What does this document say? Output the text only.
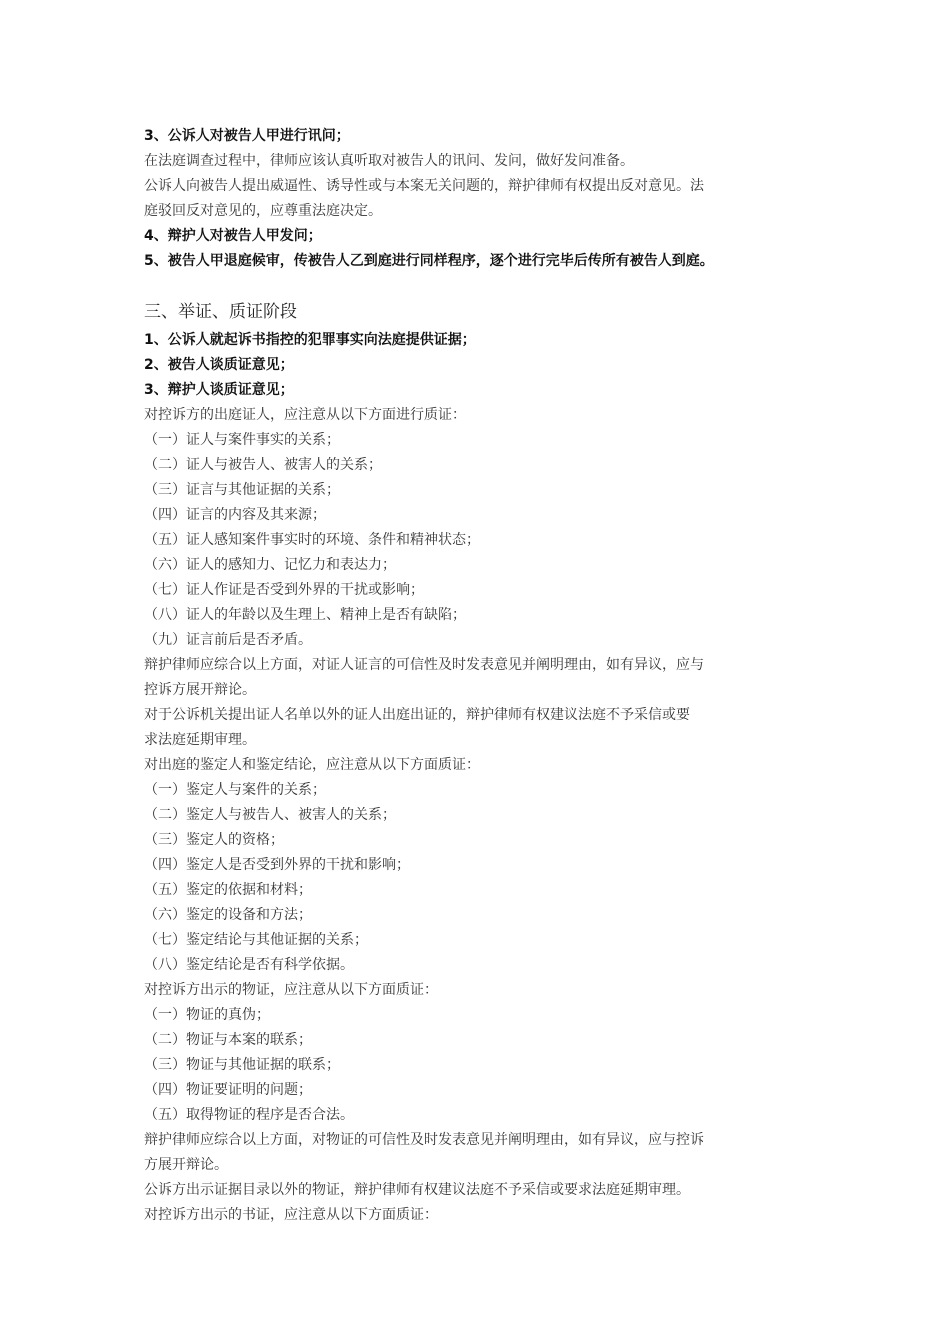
3、公诉人对被告人甲进行讯问；
在法庭调查过程中，律师应该认真听取对被告人的讯问、发问，做好发问准备。
公诉人向被告人提出威逼性、诱导性或与本案无关问题的，辩护律师有权提出反对意见。法
庭驳回反对意见的，应尊重法庭决定。
4、辩护人对被告人甲发问；
5、被告人甲退庭候审，传被告人乙到庭进行同样程序，逐个进行完毕后传所有被告人到庭。
三、举证、质证阶段
1、公诉人就起诉书指控的犯罪事实向法庭提供证据；
2、被告人谈质证意见；
3、辩护人谈质证意见；
对控诉方的出庭证人，应注意从以下方面进行质证：
（一）证人与案件事实的关系；
（二）证人与被告人、被害人的关系；
（三）证言与其他证据的关系；
（四）证言的内容及其来源；
（五）证人感知案件事实时的环境、条件和精神状态；
（六）证人的感知力、记忆力和表达力；
（七）证人作证是否受到外界的干扰或影响；
（八）证人的年龄以及生理上、精神上是否有缺陷；
（九）证言前后是否矛盾。
辩护律师应综合以上方面，对证人证言的可信性及时发表意见并阐明理由，如有异议，应与
控诉方展开辩论。
对于公诉机关提出证人名单以外的证人出庭出证的，辩护律师有权建议法庭不予采信或要
求法庭延期审理。
对出庭的鉴定人和鉴定结论，应注意从以下方面质证：
（一）鉴定人与案件的关系；
（二）鉴定人与被告人、被害人的关系；
（三）鉴定人的资格；
（四）鉴定人是否受到外界的干扰和影响；
（五）鉴定的依据和材料；
（六）鉴定的设备和方法；
（七）鉴定结论与其他证据的关系；
（八）鉴定结论是否有科学依据。
对控诉方出示的物证，应注意从以下方面质证：
（一）物证的真伪；
（二）物证与本案的联系；
（三）物证与其他证据的联系；
（四）物证要证明的问题；
（五）取得物证的程序是否合法。
辩护律师应综合以上方面，对物证的可信性及时发表意见并阐明理由，如有异议，应与控诉
方展开辩论。
公诉方出示证据目录以外的物证，辩护律师有权建议法庭不予采信或要求法庭延期审理。
对控诉方出示的书证，应注意从以下方面质证：
